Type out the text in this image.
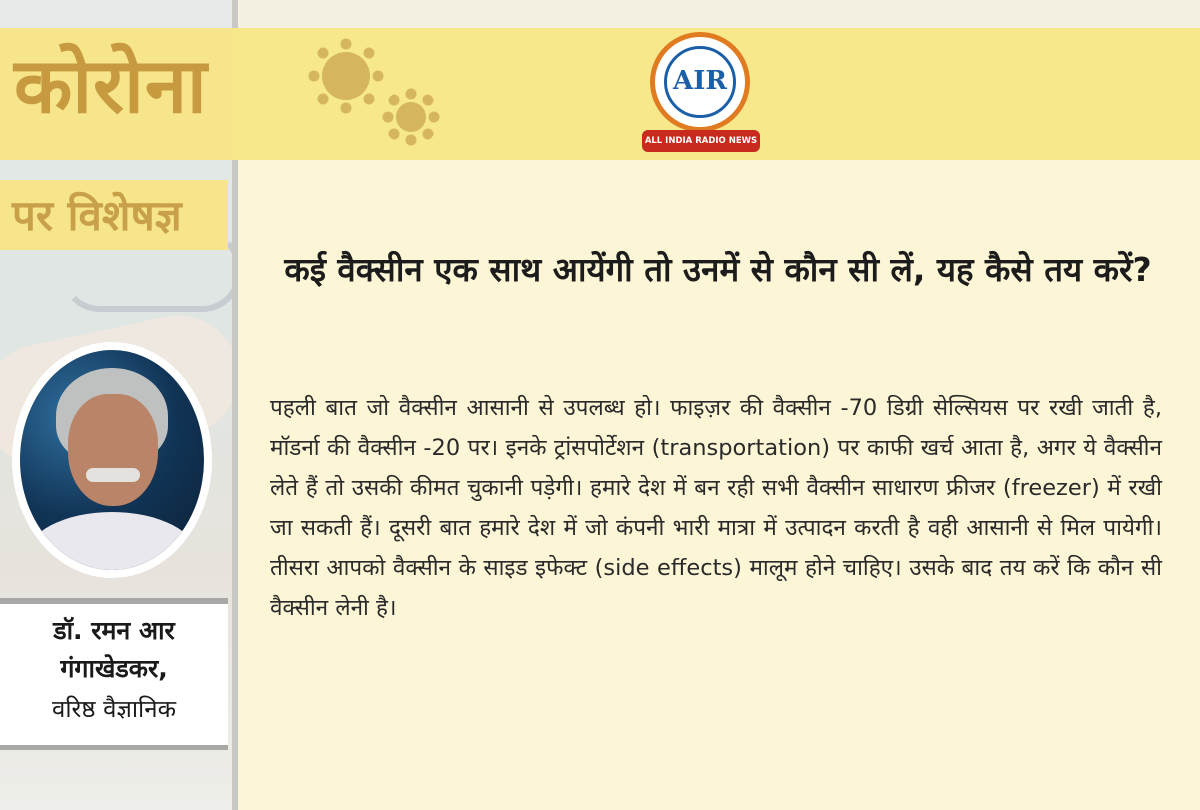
कोरोना
पर विशेषज्ञ
AIR
ALL INDIA RADIO NEWS
कई वैक्सीन एक साथ आयेंगी तो उनमें से कौन सी लें, यह कैसे तय करें?
पहली बात जो वैक्सीन आसानी से उपलब्ध हो। फाइज़र की वैक्सीन -70 डिग्री सेल्सियस पर रखी जाती है, मॉडर्ना की वैक्सीन -20 पर। इनके ट्रांसपोर्टेशन (transportation) पर काफी खर्च आता है, अगर ये वैक्सीन लेते हैं तो उसकी कीमत चुकानी पड़ेगी। हमारे देश में बन रही सभी वैक्सीन साधारण फ्रीजर (freezer) में रखी जा सकती हैं। दूसरी बात हमारे देश में जो कंपनी भारी मात्रा में उत्पादन करती है वही आसानी से मिल पायेगी। तीसरा आपको वैक्सीन के साइड इफेक्ट (side effects) मालूम होने चाहिए। उसके बाद तय करें कि कौन सी वैक्सीन लेनी है।
डॉ. रमन आर गंगाखेडकर,
वरिष्ठ वैज्ञानिक
